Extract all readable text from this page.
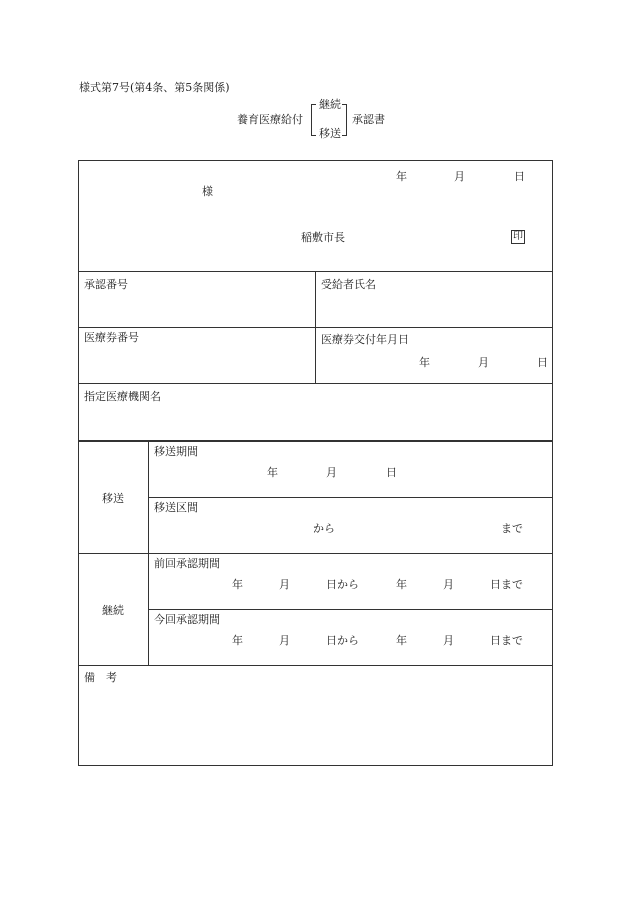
様式第7号(第4条、第5条関係)
養育医療給付
継続
移送
承認書
年	月	日
様
稲敷市長	印
承認番号	受給者氏名
医療券番号	医療券交付年月日
年	月	日
指定医療機関名
移送
移送期間
年	月	日
移送区間
から	まで
継続
前回承認期間
年	月	日から	年	月	日まで
今回承認期間
年	月	日から	年	月	日まで
備　考
